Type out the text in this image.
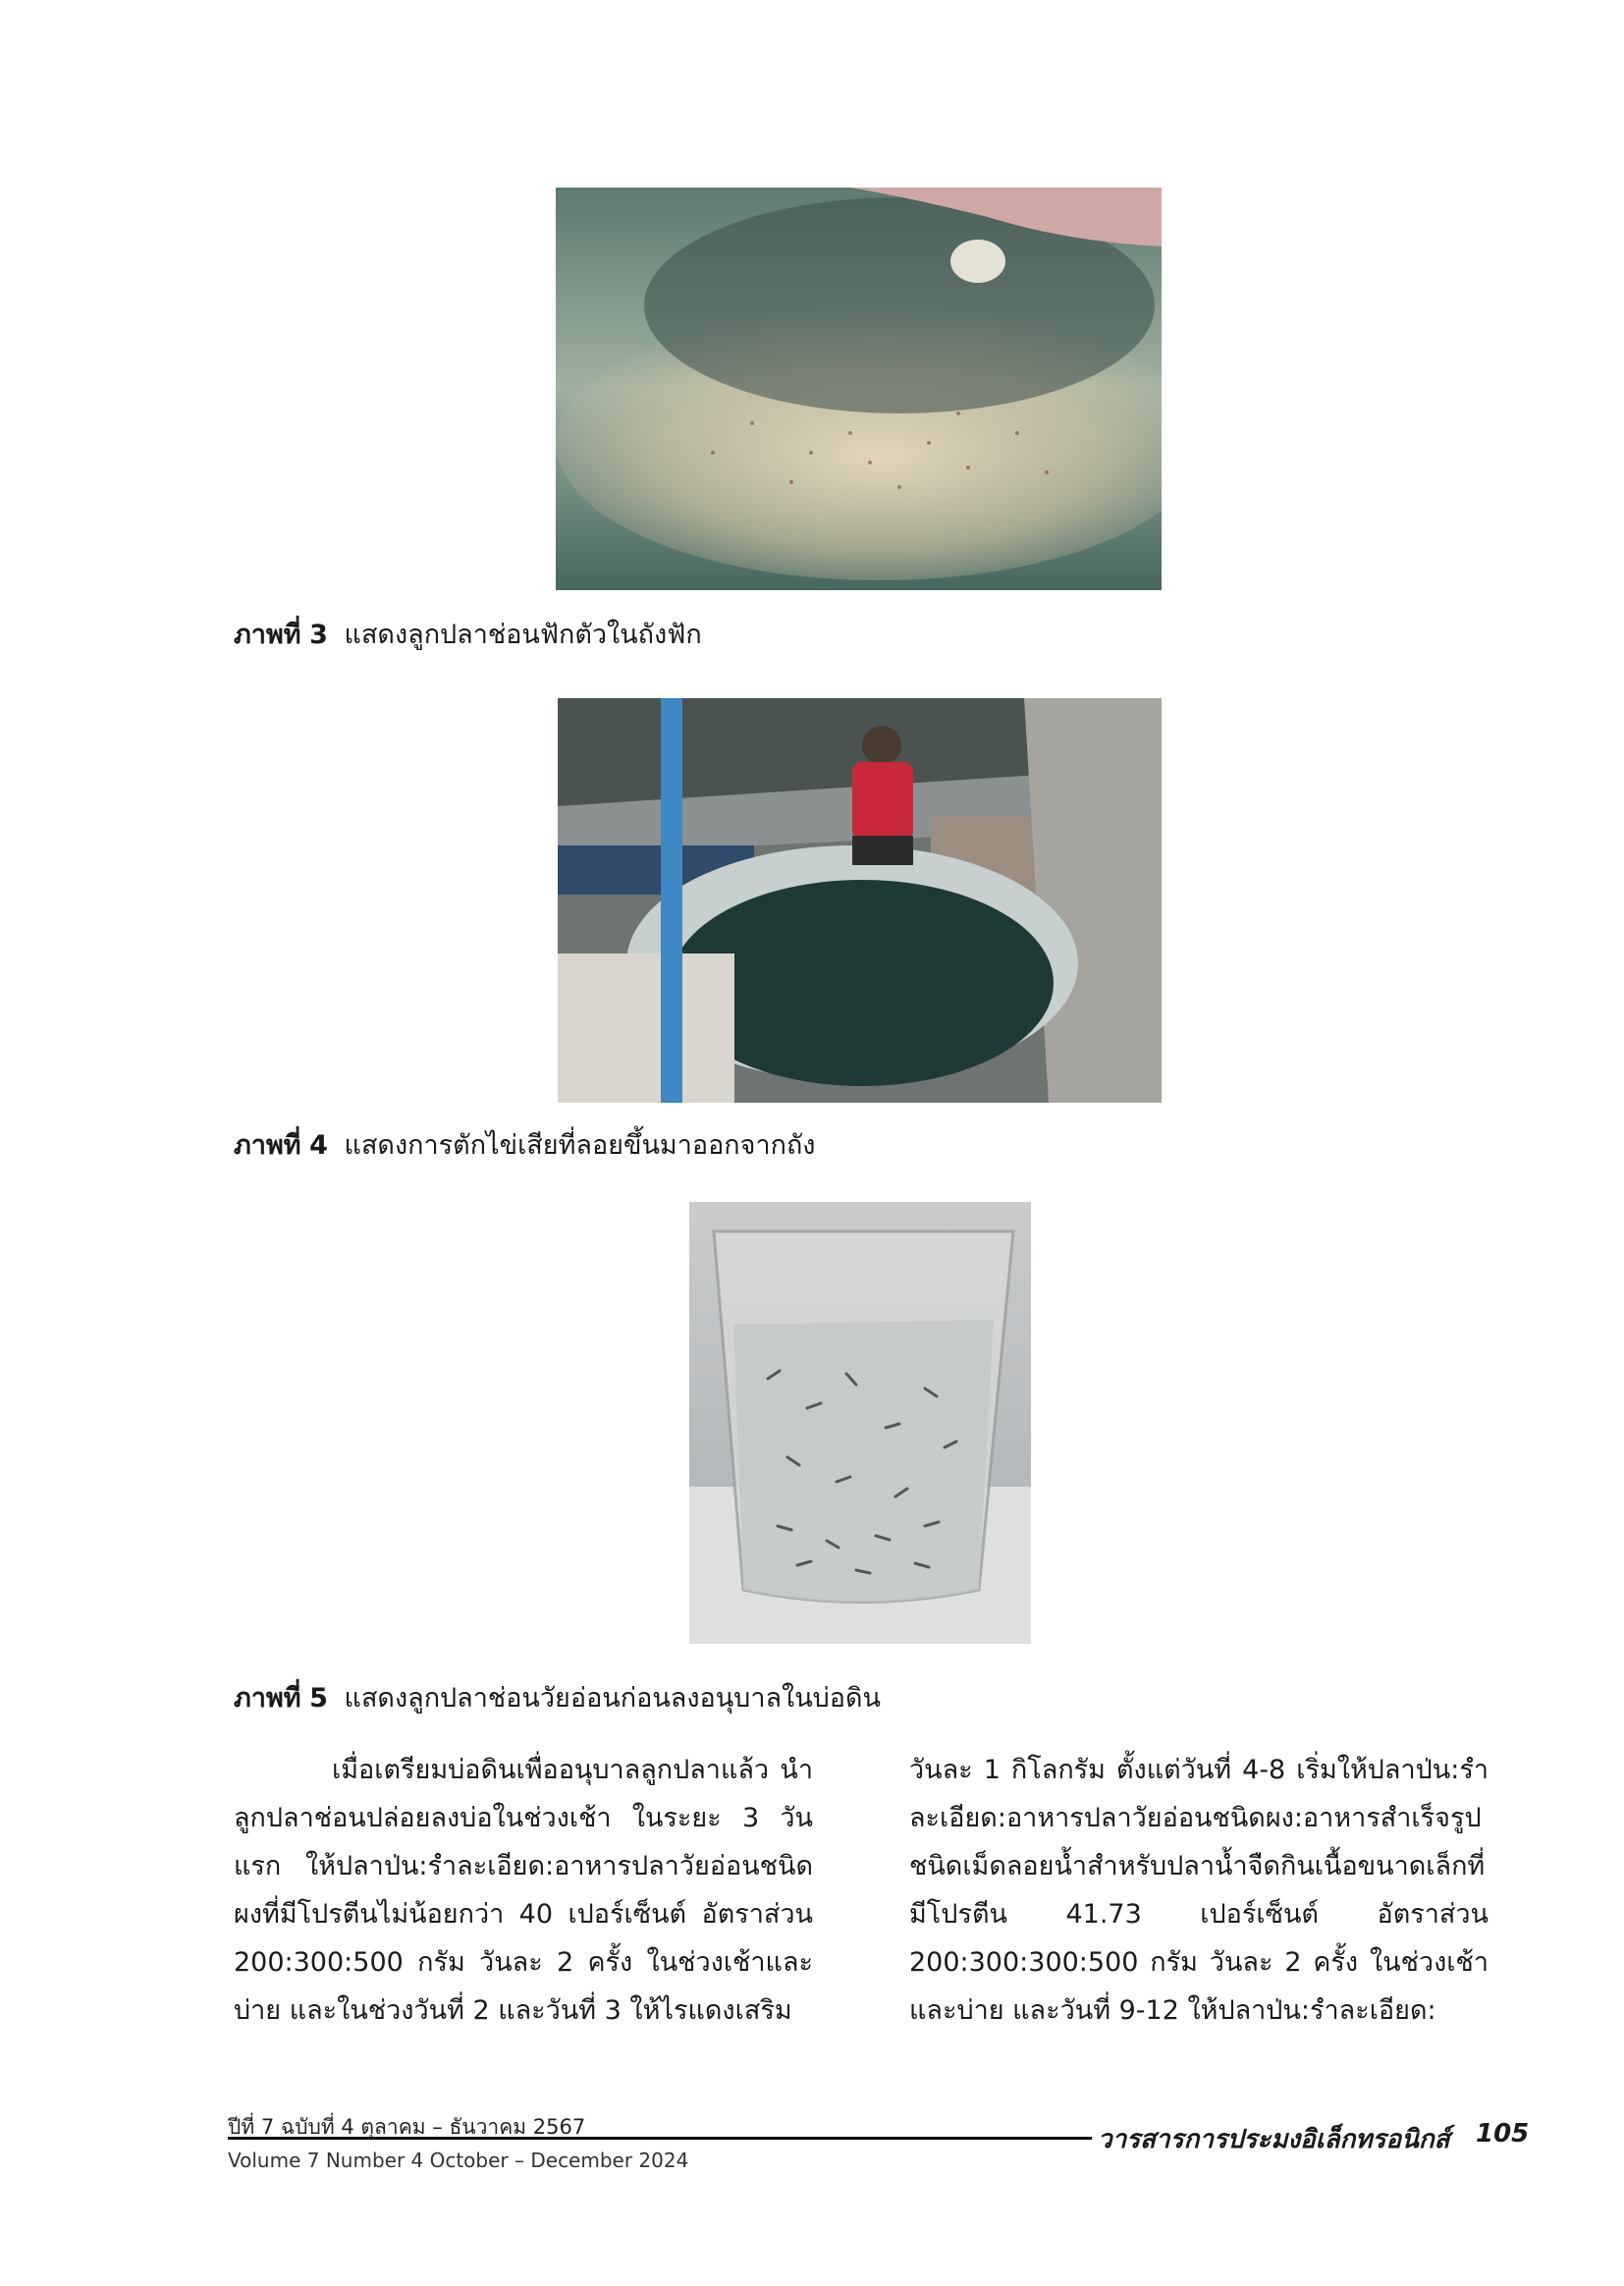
ภาพที่ 3 แสดงลูกปลาช่อนฟักตัวในถังฟัก
ภาพที่ 4 แสดงการตักไข่เสียที่ลอยขึ้นมาออกจากถัง
ภาพที่ 5 แสดงลูกปลาช่อนวัยอ่อนก่อนลงอนุบาลในบ่อดิน

เมื่อเตรียมบ่อดินเพื่ออนุบาลลูกปลาแล้ว นำลูกปลาช่อนปล่อยลงบ่อในช่วงเช้า ในระยะ 3 วันแรก ให้ปลาป่น:รำละเอียด:อาหารปลาวัยอ่อนชนิดผงที่มีโปรตีนไม่น้อยกว่า 40 เปอร์เซ็นต์ อัตราส่วน 200:300:500 กรัม วันละ 2 ครั้ง ในช่วงเช้าและบ่าย และในช่วงวันที่ 2 และวันที่ 3 ให้ไรแดงเสริม

วันละ 1 กิโลกรัม ตั้งแต่วันที่ 4-8 เริ่มให้ปลาป่น:รำละเอียด:อาหารปลาวัยอ่อนชนิดผง:อาหารสำเร็จรูปชนิดเม็ดลอยน้ำสำหรับปลาน้ำจืดกินเนื้อขนาดเล็กที่มีโปรตีน 41.73 เปอร์เซ็นต์ อัตราส่วน 200:300:300:500 กรัม วันละ 2 ครั้ง ในช่วงเช้าและบ่าย และวันที่ 9-12 ให้ปลาป่น:รำละเอียด:

ปีที่ 7 ฉบับที่ 4 ตุลาคม – ธันวาคม 2567
Volume 7 Number 4 October – December 2024
วารสารการประมงอิเล็กทรอนิกส์ 105
